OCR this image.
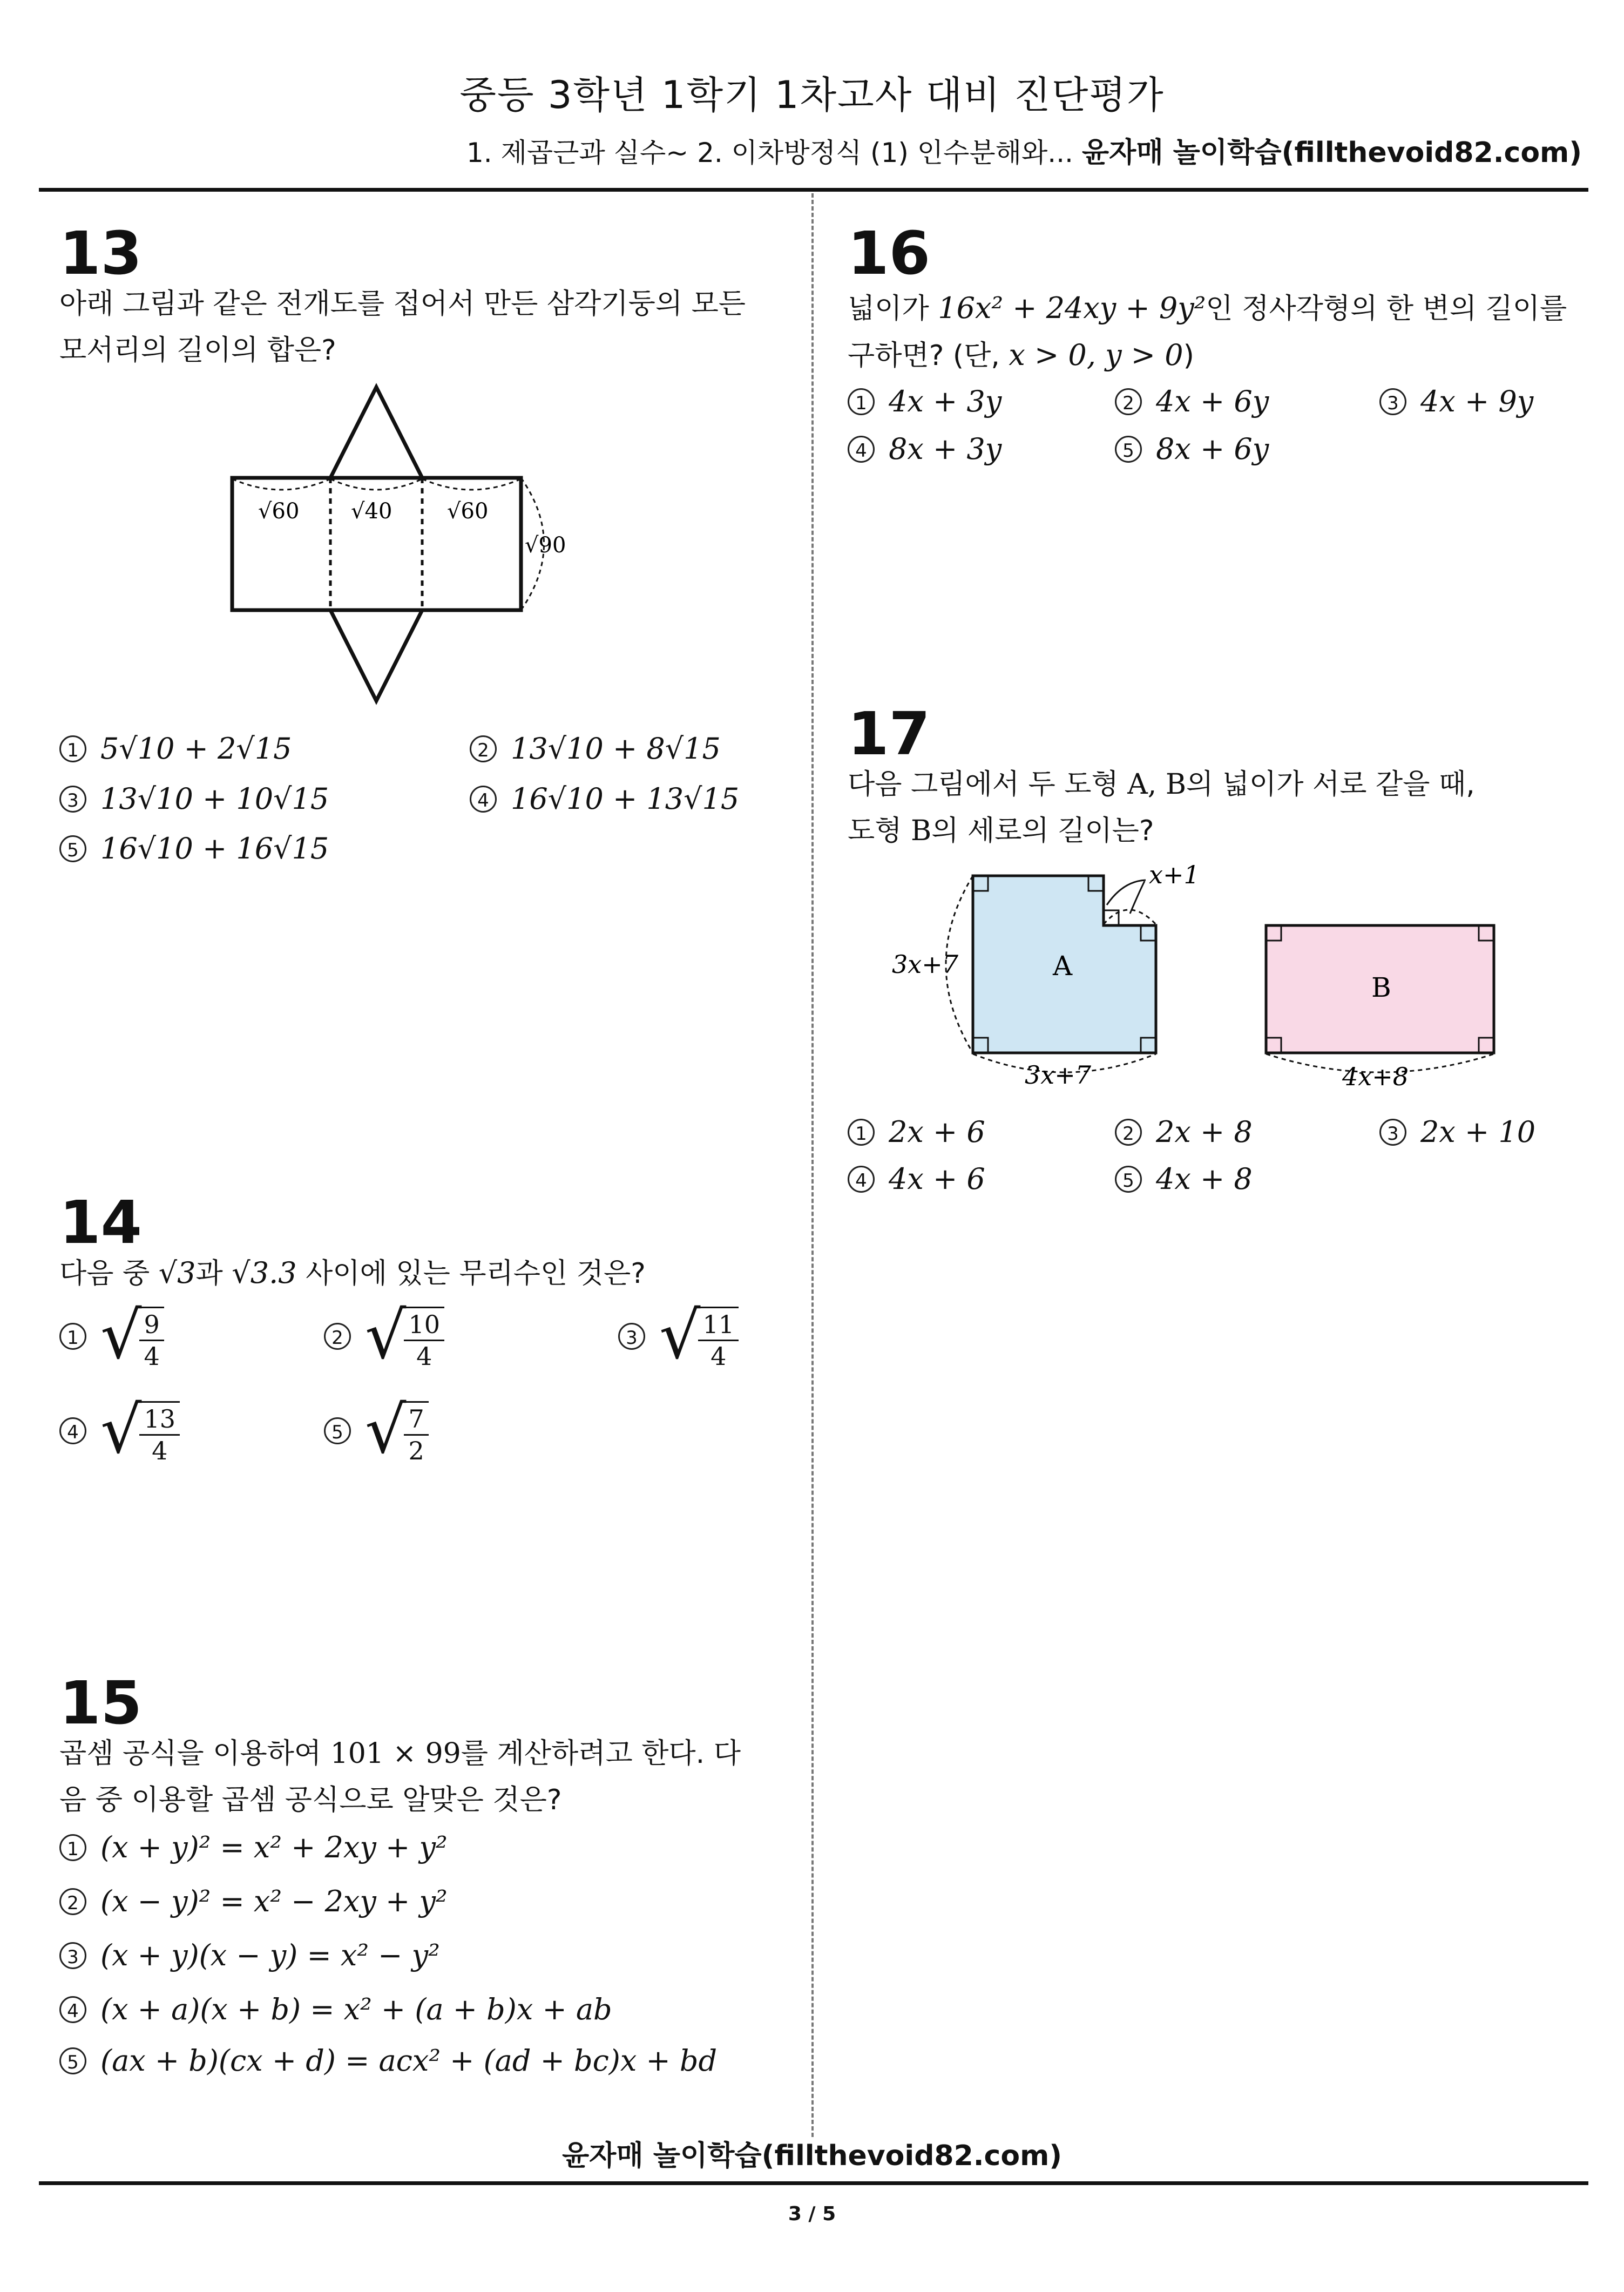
중등 3학년 1학기 1차고사 대비 진단평가
1. 제곱근과 실수~ 2. 이차방정식 (1) 인수분해와... 윤자매 놀이학습(fillthevoid82.com)
13
아래 그림과 같은 전개도를 접어서 만든 삼각기둥의 모든
모서리의 길이의 합은?
√60 √40	√60
√90
1 5√10 + 2√15	2 13√10 + 8√15
3 13√10 + 10√15	4 16√10 + 13√15
5 16√10 + 16√15
14
다음 중 √3과 √3.3 사이에 있는 무리수인 것은?
1 √
$\frac{9}{4}$	2 √
$\frac{10}{4}$	3 √
$\frac{11}{4}$
4 √
$\frac{13}{4}$	5 √
$\frac{7}{2}$
15
곱셈 공식을 이용하여 101 × 99를 계산하려고 한다. 다
음 중 이용할 곱셈 공식으로 알맞은 것은?
1 (x + y)² = x² + 2xy + y²
2 (x − y)² = x² − 2xy + y²
3 (x + y)(x − y) = x² − y²
4 (x + a)(x + b) = x² + (a + b)x + ab
5 (ax + b)(cx + d) = acx² + (ad + bc)x + bd
16
넓이가 16x² + 24xy + 9y²인 정사각형의 한 변의 길이를
구하면? (단, x > 0, y > 0)
1 4x + 3y	2 4x + 6y	3 4x + 9y
4 8x + 3y	5 8x + 6y
17
다음 그림에서 두 도형 A, B의 넓이가 서로 같을 때,
도형 B의 세로의 길이는?
x+1
3x+7
3x+7
A
4x+8
B
1 2x + 6	2 2x + 8	3 2x + 10
4 4x + 6	5 4x + 8
윤자매 놀이학습(fillthevoid82.com)
3 / 5
